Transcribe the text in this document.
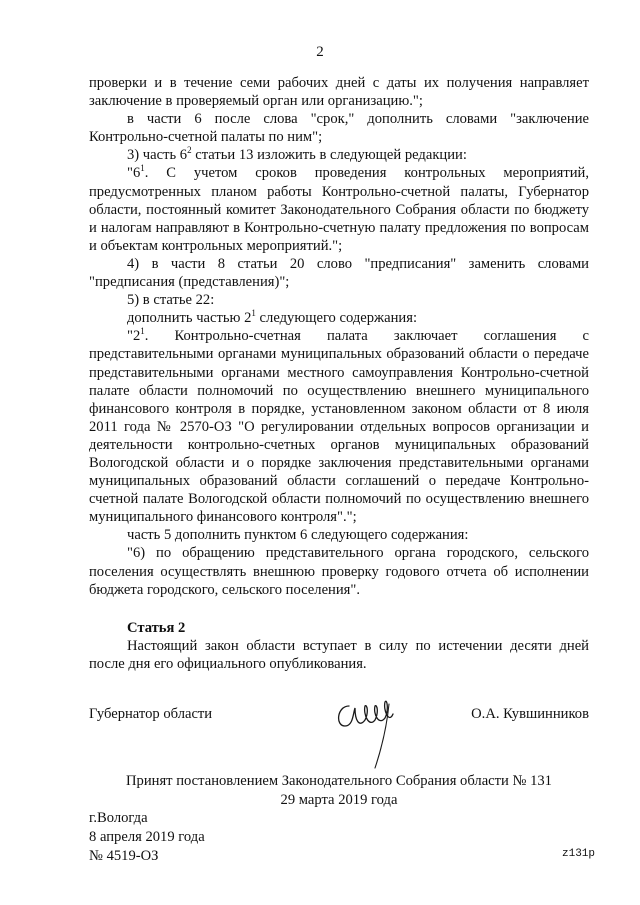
2

проверки и в течение семи рабочих дней с даты их получения направляет заключение в проверяемый орган или организацию.";

в части 6 после слова "срок," дополнить словами "заключение Контрольно-счетной палаты по ним";

3) часть $6^2$ статьи 13 изложить в следующей редакции:

"$6^1$. С учетом сроков проведения контрольных мероприятий, предусмотренных планом работы Контрольно-счетной палаты, Губернатор области, постоянный комитет Законодательного Собрания области по бюджету и налогам направляют в Контрольно-счетную палату предложения по вопросам и объектам контрольных мероприятий.";

4) в части 8 статьи 20 слово "предписания" заменить словами "предписания (представления)";

5) в статье 22:

дополнить частью $2^1$ следующего содержания:

"$2^1$. Контрольно-счетная палата заключает соглашения с представительными органами муниципальных образований области о передаче представительными органами местного самоуправления Контрольно-счетной палате области полномочий по осуществлению внешнего муниципального финансового контроля в порядке, установленном законом области от 8 июля 2011 года № 2570-ОЗ "О регулировании отдельных вопросов организации и деятельности контрольно-счетных органов муниципальных образований Вологодской области и о порядке заключения представительными органами муниципальных образований области соглашений о передаче Контрольно-счетной палате Вологодской области полномочий по осуществлению внешнего муниципального финансового контроля".";

часть 5 дополнить пунктом 6 следующего содержания:

"6) по обращению представительного органа городского, сельского поселения осуществлять внешнюю проверку годового отчета об исполнении бюджета городского, сельского поселения".

Статья 2

Настоящий закон области вступает в силу по истечении десяти дней после дня его официального опубликования.

Губернатор области	О.А. Кувшинников
Принят постановлением Законодательного Собрания области № 131
29 марта 2019 года
г.Вологда
8 апреля 2019 года
№ 4519-ОЗ	z131p
